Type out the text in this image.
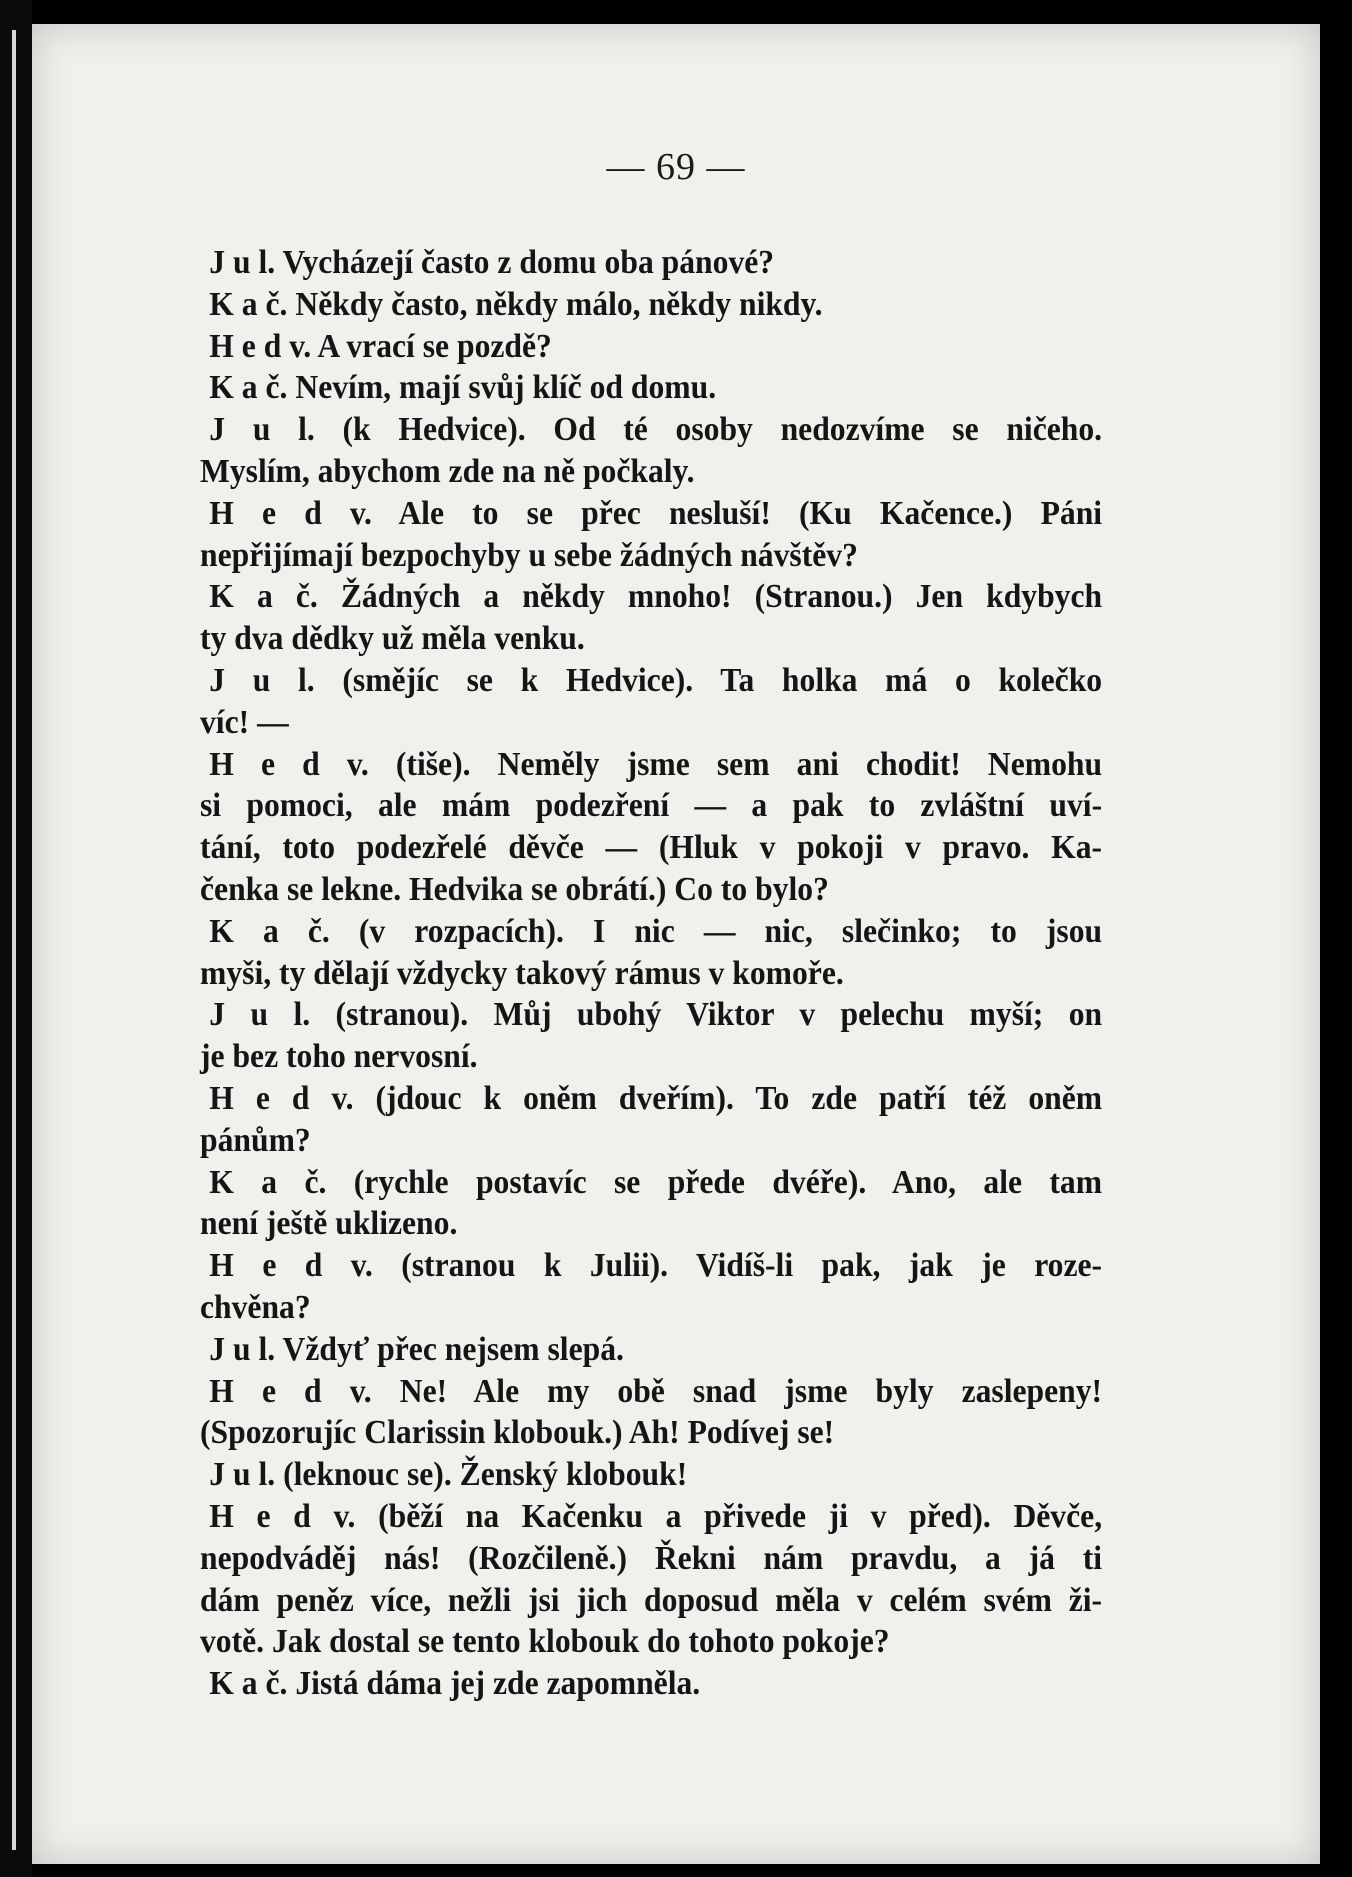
— 69 —
J u l. Vycházejí často z domu oba pánové?
K a č. Někdy často, někdy málo, někdy nikdy.
H e d v. A vrací se pozdě?
K a č. Nevím, mají svůj klíč od domu.
J u l. (k Hedvice). Od té osoby nedozvíme se ničeho.
Myslím, abychom zde na ně počkaly.
H e d v. Ale to se přec nesluší! (Ku Kačence.) Páni
nepřijímají bezpochyby u sebe žádných návštěv?
K a č. Žádných a někdy mnoho! (Stranou.) Jen kdybych
ty dva dědky už měla venku.
J u l. (smějíc se k Hedvice). Ta holka má o kolečko
víc! —
H e d v. (tiše). Neměly jsme sem ani chodit! Nemohu
si pomoci, ale mám podezření — a pak to zvláštní uví-
tání, toto podezřelé děvče — (Hluk v pokoji v pravo. Ka-
čenka se lekne. Hedvika se obrátí.) Co to bylo?
K a č. (v rozpacích). I nic — nic, slečinko; to jsou
myši, ty dělají vždycky takový rámus v komoře.
J u l. (stranou). Můj ubohý Viktor v pelechu myší; on
je bez toho nervosní.
H e d v. (jdouc k oněm dveřím). To zde patří též oněm
pánům?
K a č. (rychle postavíc se přede dvéře). Ano, ale tam
není ještě uklizeno.
H e d v. (stranou k Julii). Vidíš-li pak, jak je roze-
chvěna?
J u l. Vždyť přec nejsem slepá.
H e d v. Ne! Ale my obě snad jsme byly zaslepeny!
(Spozorujíc Clarissin klobouk.) Ah! Podívej se!
J u l. (leknouc se). Ženský klobouk!
H e d v. (běží na Kačenku a přivede ji v před). Děvče,
nepodváděj nás! (Rozčileně.) Řekni nám pravdu, a já ti
dám peněz více, nežli jsi jich doposud měla v celém svém ži-
votě. Jak dostal se tento klobouk do tohoto pokoje?
K a č. Jistá dáma jej zde zapomněla.
